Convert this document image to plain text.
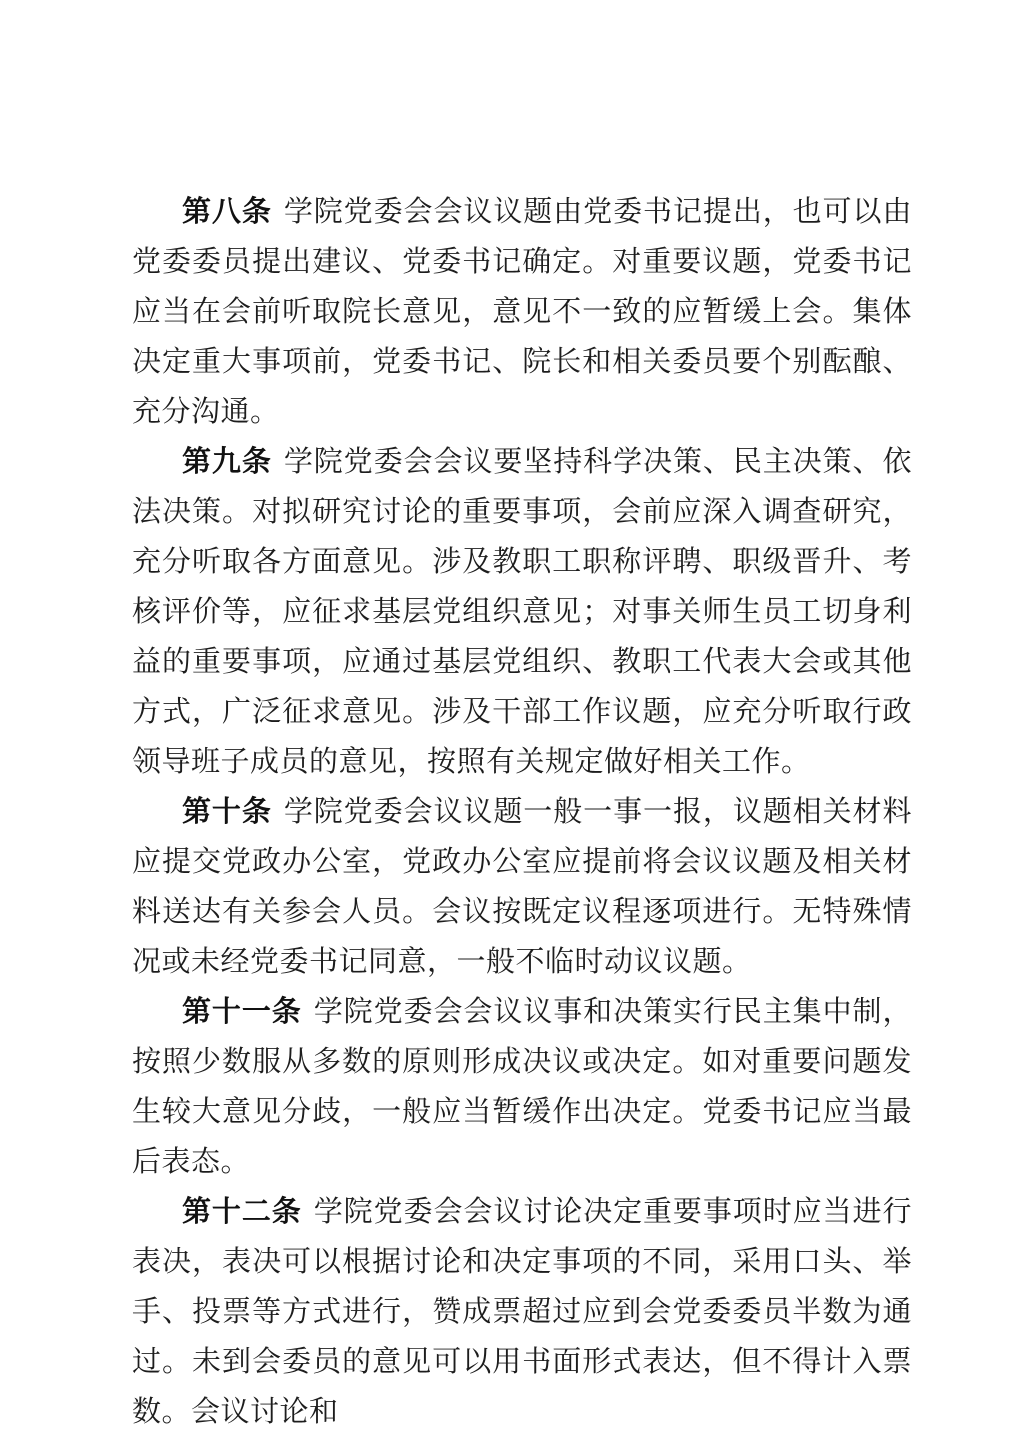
第八条 学院党委会会议议题由党委书记提出，也可以由党委委员提出建议、党委书记确定。对重要议题，党委书记应当在会前听取院长意见，意见不一致的应暂缓上会。集体决定重大事项前，党委书记、院长和相关委员要个别酝酿、充分沟通。

第九条 学院党委会会议要坚持科学决策、民主决策、依法决策。对拟研究讨论的重要事项，会前应深入调查研究，充分听取各方面意见。涉及教职工职称评聘、职级晋升、考核评价等，应征求基层党组织意见；对事关师生员工切身利益的重要事项，应通过基层党组织、教职工代表大会或其他方式，广泛征求意见。涉及干部工作议题，应充分听取行政领导班子成员的意见，按照有关规定做好相关工作。

第十条 学院党委会议议题一般一事一报，议题相关材料应提交党政办公室，党政办公室应提前将会议议题及相关材料送达有关参会人员。会议按既定议程逐项进行。无特殊情况或未经党委书记同意，一般不临时动议议题。

第十一条 学院党委会会议议事和决策实行民主集中制，按照少数服从多数的原则形成决议或决定。如对重要问题发生较大意见分歧，一般应当暂缓作出决定。党委书记应当最后表态。

第十二条 学院党委会会议讨论决定重要事项时应当进行表决，表决可以根据讨论和决定事项的不同，采用口头、举手、投票等方式进行，赞成票超过应到会党委委员半数为通过。未到会委员的意见可以用书面形式表达，但不得计入票数。会议讨论和
